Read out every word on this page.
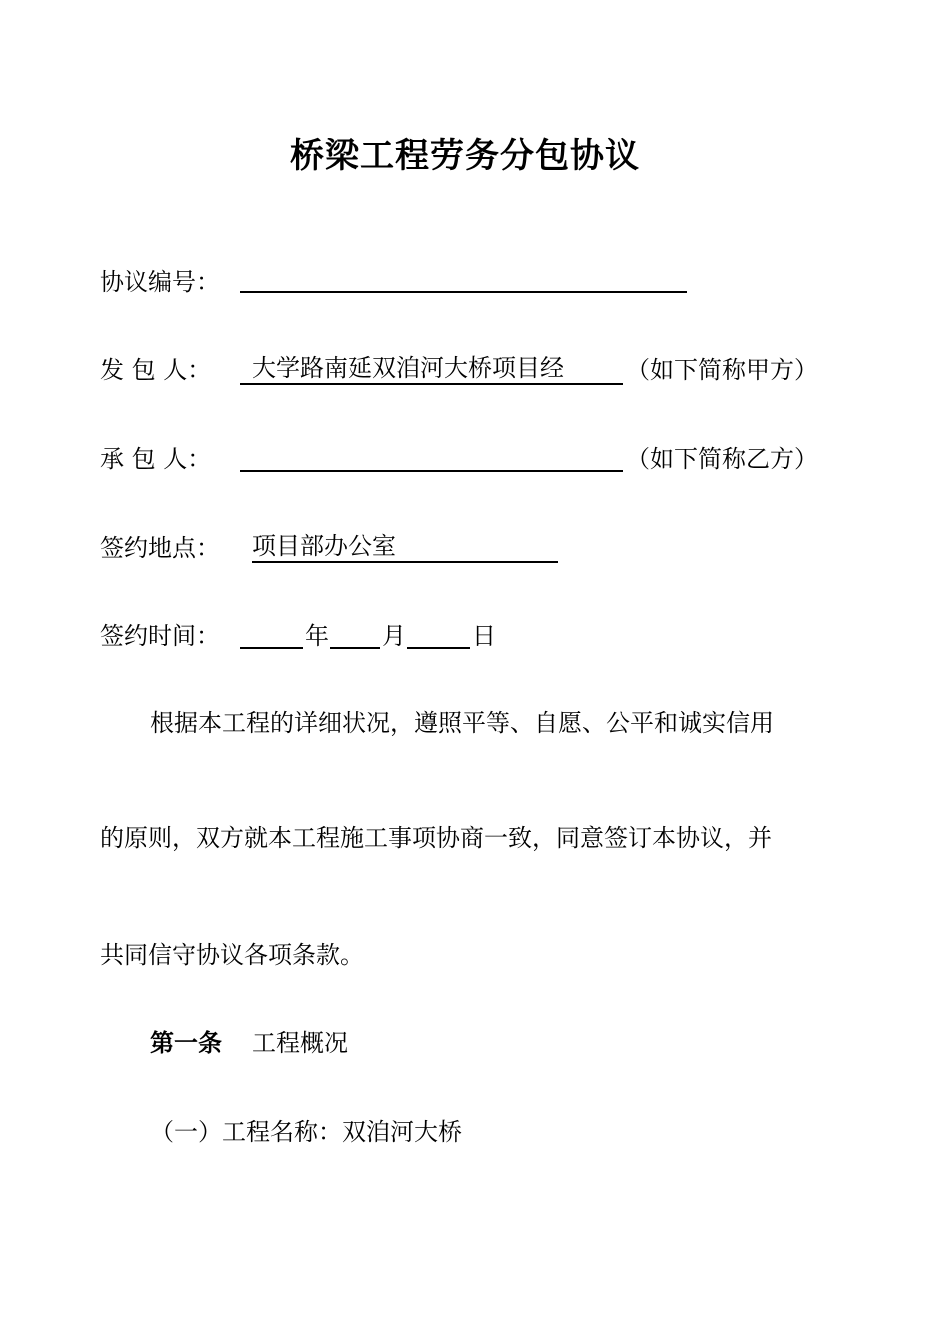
桥梁工程劳务分包协议
协议编号：
发 包 人：	大学路南延双洎河大桥项目经	（如下简称甲方）
承 包 人：	（如下简称乙方）
签约地点： 项目部办公室
签约时间：	年 月	日
根据本工程的详细状况，遵照平等、自愿、公平和诚实信用
的原则，双方就本工程施工事项协商一致，同意签订本协议，并
共同信守协议各项条款。
第一条 工程概况
（一）工程名称：双洎河大桥
